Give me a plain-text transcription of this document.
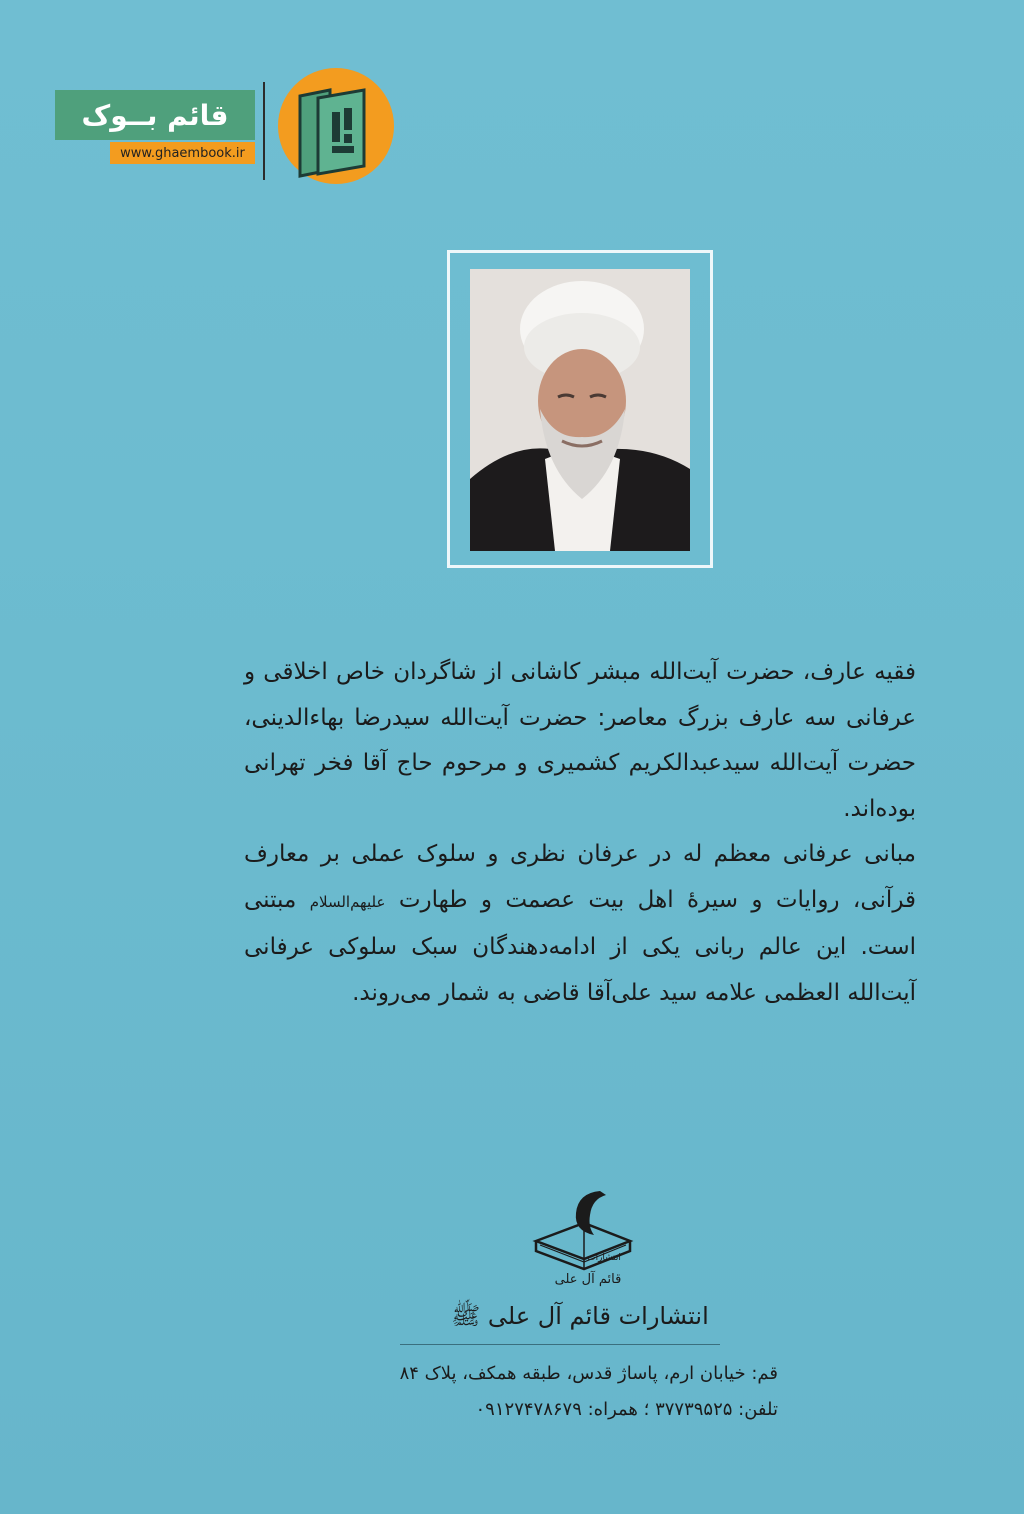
قائم بــوک
www.ghaembook.ir

فقیه عارف، حضرت آیت‌الله مبشر کاشانی از شاگردان خاص اخلاقی و عرفانی سه عارف بزرگ معاصر: حضرت آیت‌الله سیدرضا بهاءالدینی، حضرت آیت‌الله سیدعبدالکریم کشمیری و مرحوم حاج آقا فخر تهرانی بوده‌اند.

مبانی عرفانی معظم له در عرفان نظری و سلوک عملی بر معارف قرآنی، روایات و سیرهٔ اهل بیت عصمت و طهارت علیهم‌السلام مبتنی است. این عالم ربانی یکی از ادامه‌دهندگان سبک سلوکی عرفانی آیت‌الله العظمی علامه سید علی‌آقا قاضی به شمار می‌روند.

انتشارات
قائم آل علی
انتشارات قائم آل علی ﷺ
قم: خیابان ارم، پاساژ قدس، طبقه همکف، پلاک ۸۴
تلفن: ۳۷۷۳۹۵۲۵ ؛ همراه: ۰۹۱۲۷۴۷۸۶۷۹
